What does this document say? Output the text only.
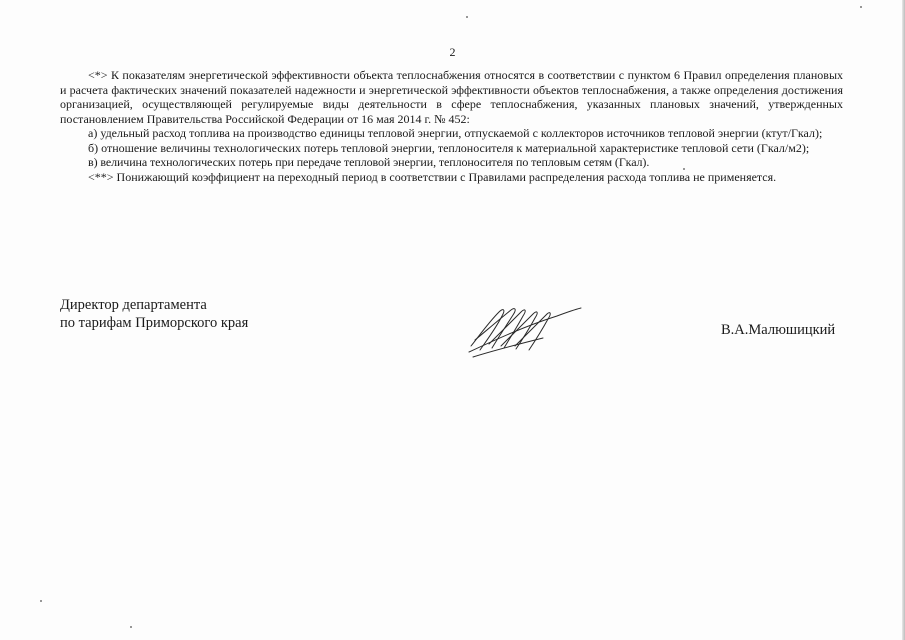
2

<*> К показателям энергетической эффективности объекта теплоснабжения относятся в соответствии с пунктом 6 Правил определения плановых и расчета фактических значений показателей надежности и энергетической эффективности объектов теплоснабжения, а также определения достижения организацией, осуществляющей регулируемые виды деятельности в сфере теплоснабжения, указанных плановых значений, утвержденных постановлением Правительства Российской Федерации от 16 мая 2014 г. № 452:

а) удельный расход топлива на производство единицы тепловой энергии, отпускаемой с коллекторов источников тепловой энергии (ктут/Гкал);

б) отношение величины технологических потерь тепловой энергии, теплоносителя к материальной характеристике тепловой сети (Гкал/м2);

в) величина технологических потерь при передаче тепловой энергии, теплоносителя по тепловым сетям (Гкал).

<**> Понижающий коэффициент на переходный период в соответствии с Правилами распределения расхода топлива не применяется.

Директор департамента
по тарифам Приморского края	В.А.Малюшицкий
